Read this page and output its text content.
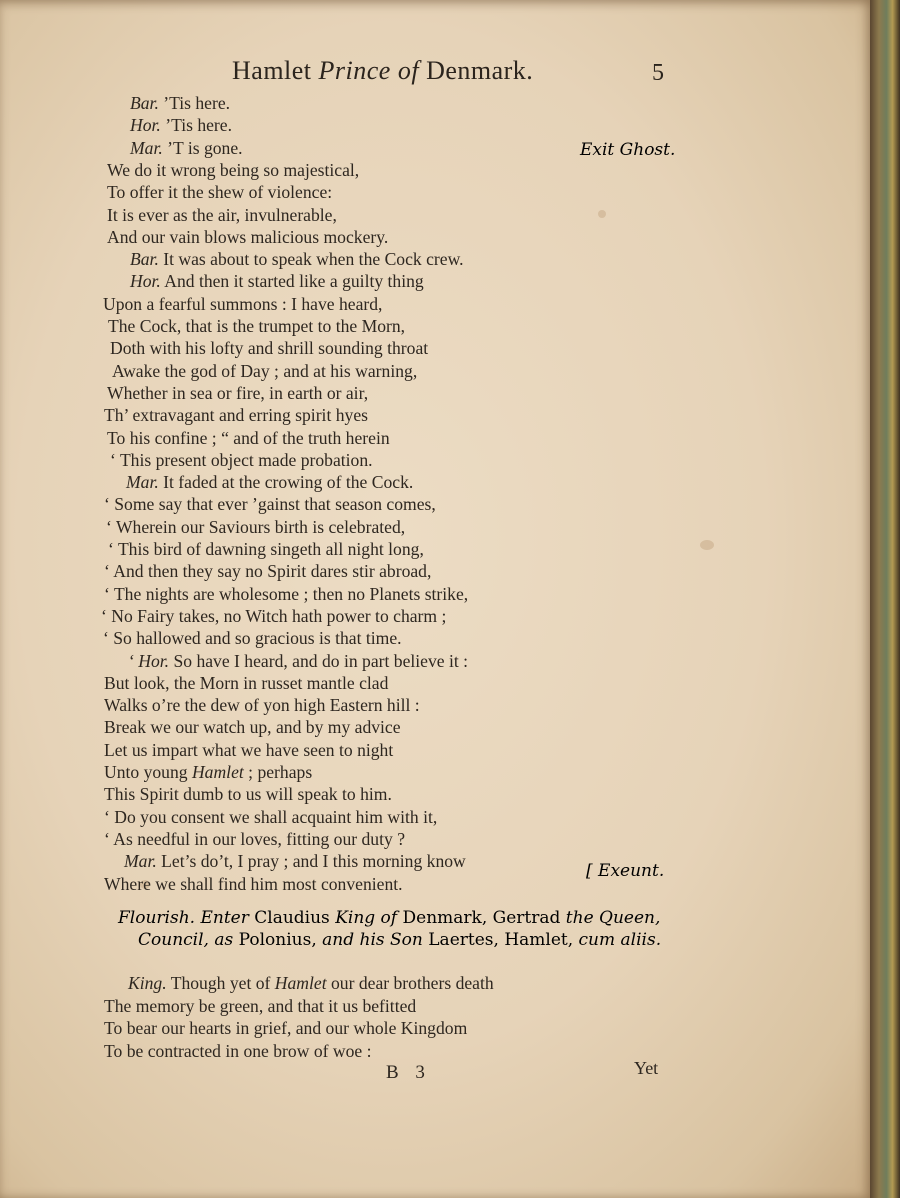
Hamlet Prince of Denmark.	5
Bar. ’Tis here.
Hor. ’Tis here.
Mar. ’T is gone.
We do it wrong being so majestical,
To offer it the shew of violence:
It is ever as the air, invulnerable,
And our vain blows malicious mockery.
Bar. It was about to speak when the Cock crew.
Hor. And then it started like a guilty thing
Upon a fearful summons : I have heard,
The Cock, that is the trumpet to the Morn,
Doth with his lofty and shrill sounding throat
Awake the god of Day ; and at his warning,
Whether in sea or fire, in earth or air,
Th’ extravagant and erring spirit hyes
To his confine ; “ and of the truth herein
‘ This present object made probation.
Mar. It faded at the crowing of the Cock.
‘ Some say that ever ’gainst that season comes,
‘ Wherein our Saviours birth is celebrated,
‘ This bird of dawning singeth all night long,
‘ And then they say no Spirit dares stir abroad,
‘ The nights are wholesome ; then no Planets strike,
‘ No Fairy takes, no Witch hath power to charm ;
‘ So hallowed and so gracious is that time.
‘ Hor. So have I heard, and do in part believe it :
But look, the Morn in russet mantle clad
Walks o’re the dew of yon high Eastern hill :
Break we our watch up, and by my advice
Let us impart what we have seen to night
Unto young Hamlet ; perhaps
This Spirit dumb to us will speak to him.
‘ Do you consent we shall acquaint him with it,
‘ As needful in our loves, fitting our duty ?
Mar. Let’s do’t, I pray ; and I this morning know
Where we shall find him most convenient.
Exit Ghost.
[ Exeunt.
Flourish. Enter Claudius King of Denmark, Gertrad the Queen,
Council, as Polonius, and his Son Laertes, Hamlet, cum aliis.
King. Though yet of Hamlet our dear brothers death
The memory be green, and that it us befitted
To bear our hearts in grief, and our whole Kingdom
To be contracted in one brow of woe :
B 3	Yet
